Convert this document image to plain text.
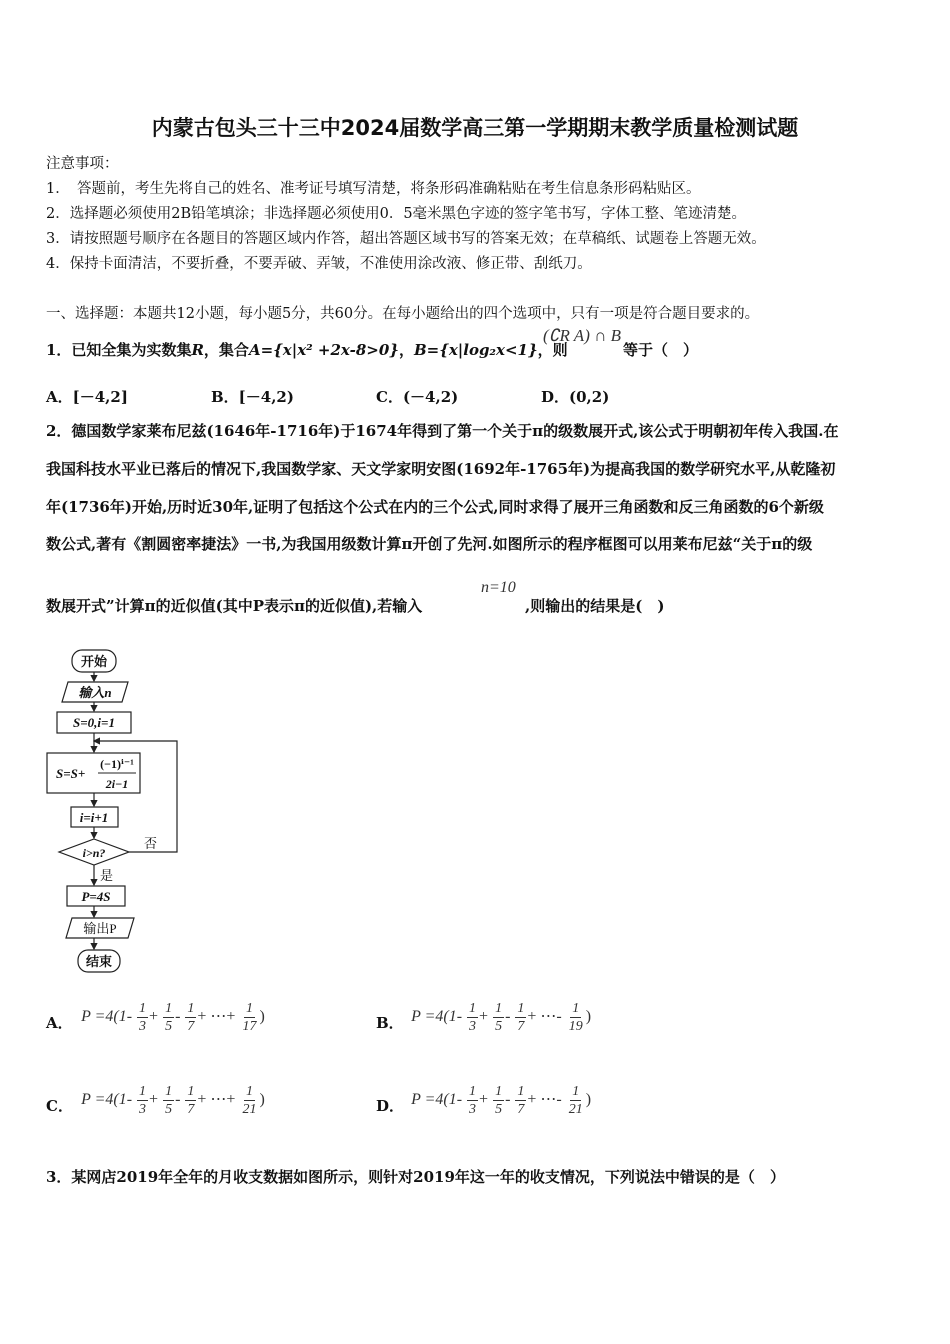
内蒙古包头三十三中2024届数学高三第一学期期末教学质量检测试题
注意事项：
1．　答题前，考生先将自己的姓名、准考证号填写清楚，将条形码准确粘贴在考生信息条形码粘贴区。
2．选择题必须使用2B铅笔填涂；非选择题必须使用0．5毫米黑色字迹的签字笔书写，字体工整、笔迹清楚。
3．请按照题号顺序在各题目的答题区域内作答，超出答题区域书写的答案无效；在草稿纸、试题卷上答题无效。
4．保持卡面清洁，不要折叠，不要弄破、弄皱，不准使用涂改液、修正带、刮纸刀。
一、选择题：本题共12小题，每小题5分，共60分。在每小题给出的四个选项中，只有一项是符合题目要求的。
1．已知全集为实数集R，集合A={x|x² +2x-8>0}，B={x|log₂x<1}，则
(∁R A) ∩ B
等于（　）
A．[－4,2]	B．[－4,2)	C．(－4,2)	D．(0,2)
2．德国数学家莱布尼兹(1646年-1716年)于1674年得到了第一个关于π的级数展开式,该公式于明朝初年传入我国.在
我国科技水平业已落后的情况下,我国数学家、天文学家明安图(1692年-1765年)为提高我国的数学研究水平,从乾隆初
年(1736年)开始,历时近30年,证明了包括这个公式在内的三个公式,同时求得了展开三角函数和反三角函数的6个新级
数公式,著有《割圆密率捷法》一书,为我国用级数计算π开创了先河.如图所示的程序框图可以用莱布尼兹“关于π的级
数展开式”计算π的近似值(其中P表示π的近似值),若输入
n=10
,则输出的结果是(　)
开始
输入n
S=0,i=1
S=S+
(−1)ⁱ⁻¹
2i−1
i=i+1
i>n?
否
是
P=4S
输出P
结束
A． $P =4(1- \frac{1}{3} + \frac{1}{5} - \frac{1}{7}$ + ⋯+ $\frac{1}{17}$ )	B． $P =4(1- \frac{1}{3} + \frac{1}{5} - \frac{1}{7}$ + ⋯- $\frac{1}{19}$ )
C． $P =4(1- \frac{1}{3} + \frac{1}{5} - \frac{1}{7}$ + ⋯+ $\frac{1}{21}$ )	D． $P =4(1- \frac{1}{3} + \frac{1}{5} - \frac{1}{7}$ + ⋯- $\frac{1}{21}$ )
3．某网店2019年全年的月收支数据如图所示，则针对2019年这一年的收支情况，下列说法中错误的是（　）
